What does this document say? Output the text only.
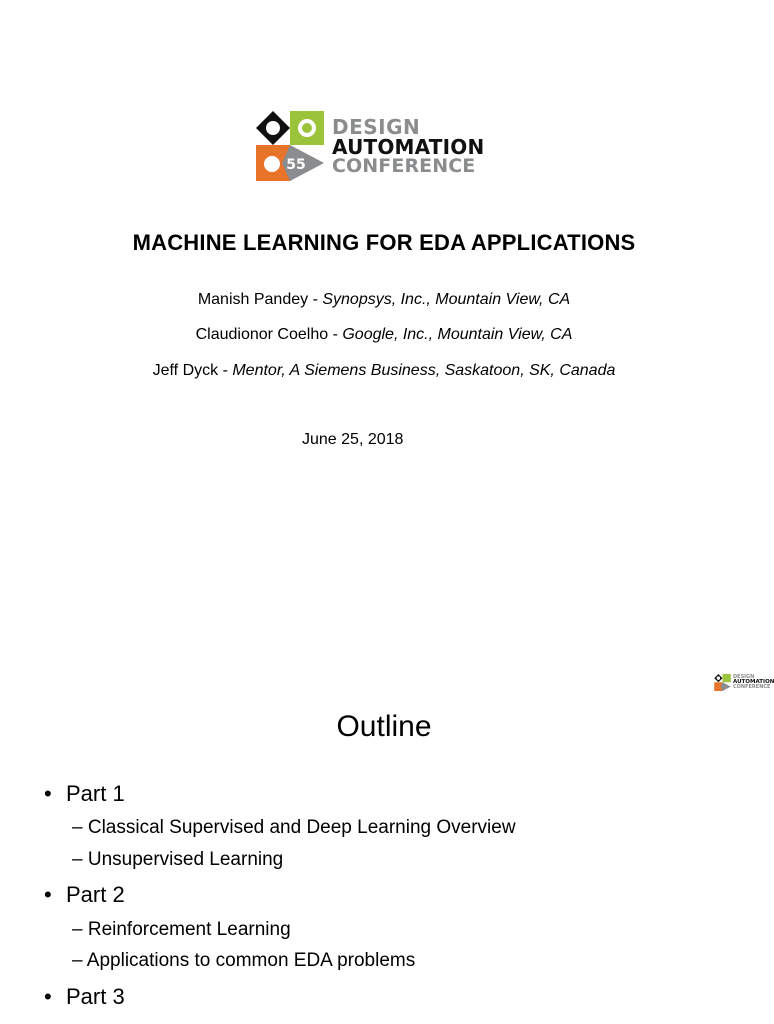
55
DESIGN
AUTOMATION
CONFERENCE
MACHINE LEARNING FOR EDA APPLICATIONS
Manish Pandey - Synopsys, Inc., Mountain View, CA
Claudionor Coelho - Google, Inc., Mountain View, CA
Jeff Dyck - Mentor, A Siemens Business, Saskatoon, SK, Canada
June 25, 2018
DESIGN
AUTOMATION
CONFERENCE
Outline
• Part 1
– Classical Supervised and Deep Learning Overview
– Unsupervised Learning
• Part 2
– Reinforcement Learning
– Applications to common EDA problems
• Part 3
